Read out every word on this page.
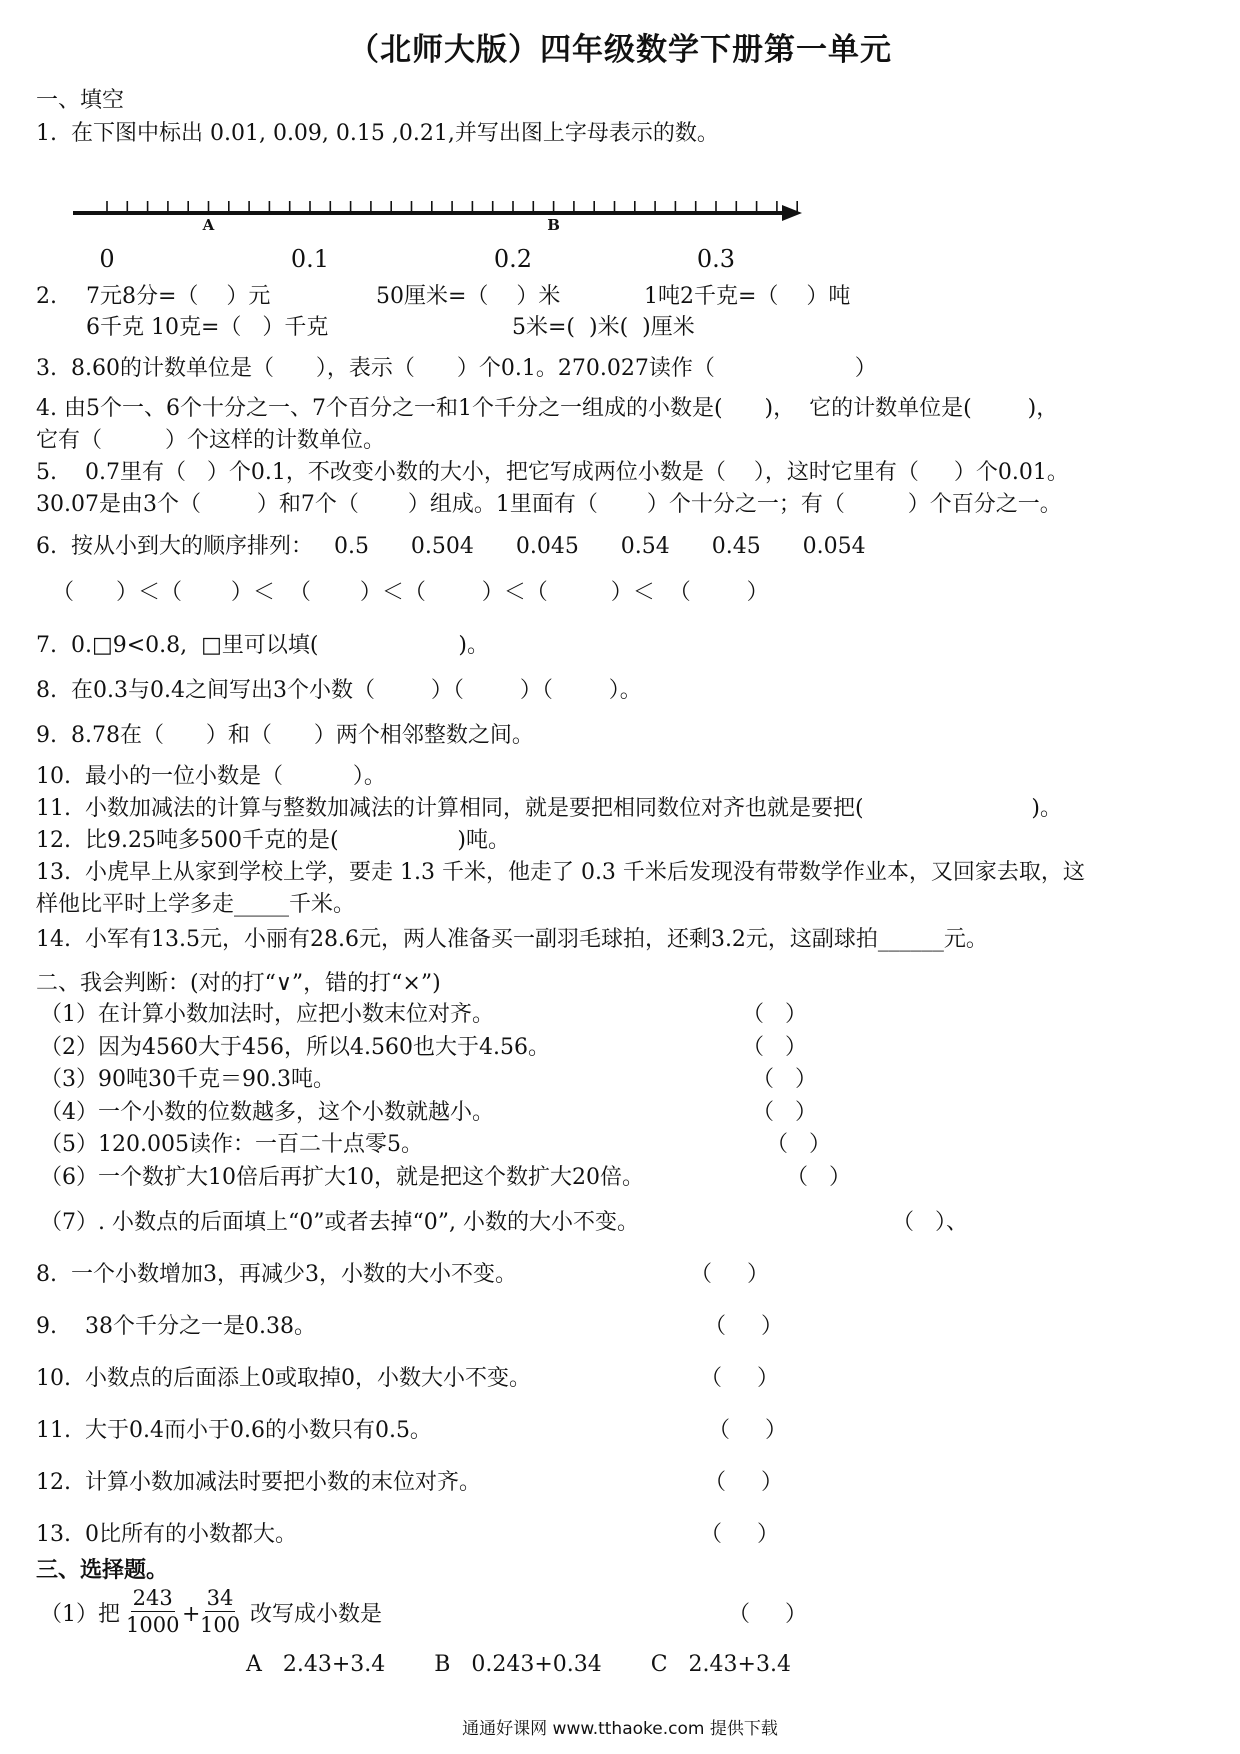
（北师大版）四年级数学下册第一单元
一、填空
1.  在下图中标出 0.01, 0.09, 0.15 ,0.21,并写出图上字母表示的数。
A	B
0	0.1	0.2	0.3
2. 7元8分=（    ）元	50厘米=（    ）米	1吨2千克=（    ）吨
6千克 10克=（   ）千克	5米=(  )米(  )厘米
3.  8.60的计数单位是（      ），表示（      ）个0.1。270.027读作（                    ）
4. 由5个一、6个十分之一、7个百分之一和1个千分之一组成的小数是(      )，  它的计数单位是(        )，
它有（         ）个这样的计数单位。
5.    0.7里有（   ）个0.1，不改变小数的大小，把它写成两位小数是（    ），这时它里有（     ）个0.01。
30.07是由3个（        ）和7个（       ）组成。1里面有（       ）个十分之一；有（         ）个百分之一。
6.  按从小到大的顺序排列：   0.5      0.504      0.045      0.54      0.45      0.054
（      ）＜（       ）＜  （       ）＜（        ）＜（         ）＜  （        ）
7.  0.□9<0.8,  □里可以填(                    )。
8.  在0.3与0.4之间写出3个小数（        ）（        ）（        ）。
9.  8.78在（      ）和（      ）两个相邻整数之间。
10.  最小的一位小数是（          ）。
11.  小数加减法的计算与整数加减法的计算相同，就是要把相同数位对齐也就是要把(                        )。
12.  比9.25吨多500千克的是(                 )吨。
13.  小虎早上从家到学校上学，要走 1.3 千米，他走了 0.3 千米后发现没有带数学作业本，又回家去取，这
样他比平时上学多走_____千米。
14.  小军有13.5元，小丽有28.6元，两人准备买一副羽毛球拍，还剩3.2元，这副球拍______元。
二、我会判断：(对的打“∨”，错的打“×”)
（1）在计算小数加法时，应把小数末位对齐。	（   ）
（2）因为4560大于456，所以4.560也大于4.56。	（   ）
（3）90吨30千克＝90.3吨。	（   ）
（4）一个小数的位数越多，这个小数就越小。	（   ）
（5）120.005读作：一百二十点零5。	（   ）
（6）一个数扩大10倍后再扩大10，就是把这个数扩大20倍。	（   ）
（7）. 小数点的后面填上“0”或者去掉“0”, 小数的大小不变。	（   ）、
8.  一个小数增加3，再减少3，小数的大小不变。	（     ）
9.    38个千分之一是0.38。	（     ）
10.  小数点的后面添上0或取掉0，小数大小不变。	（     ）
11.  大于0.4而小于0.6的小数只有0.5。	（     ）
12.  计算小数加减法时要把小数的末位对齐。	（     ）
13.  0比所有的小数都大。	（     ）
三、选择题。
（1）把 $\frac{243}{1000} + \frac{34}{100}$ 改写成小数是	（     ）
A   2.43+3.4       B   0.243+0.34       C   2.43+3.4
通通好课网 www.tthaoke.com 提供下载
